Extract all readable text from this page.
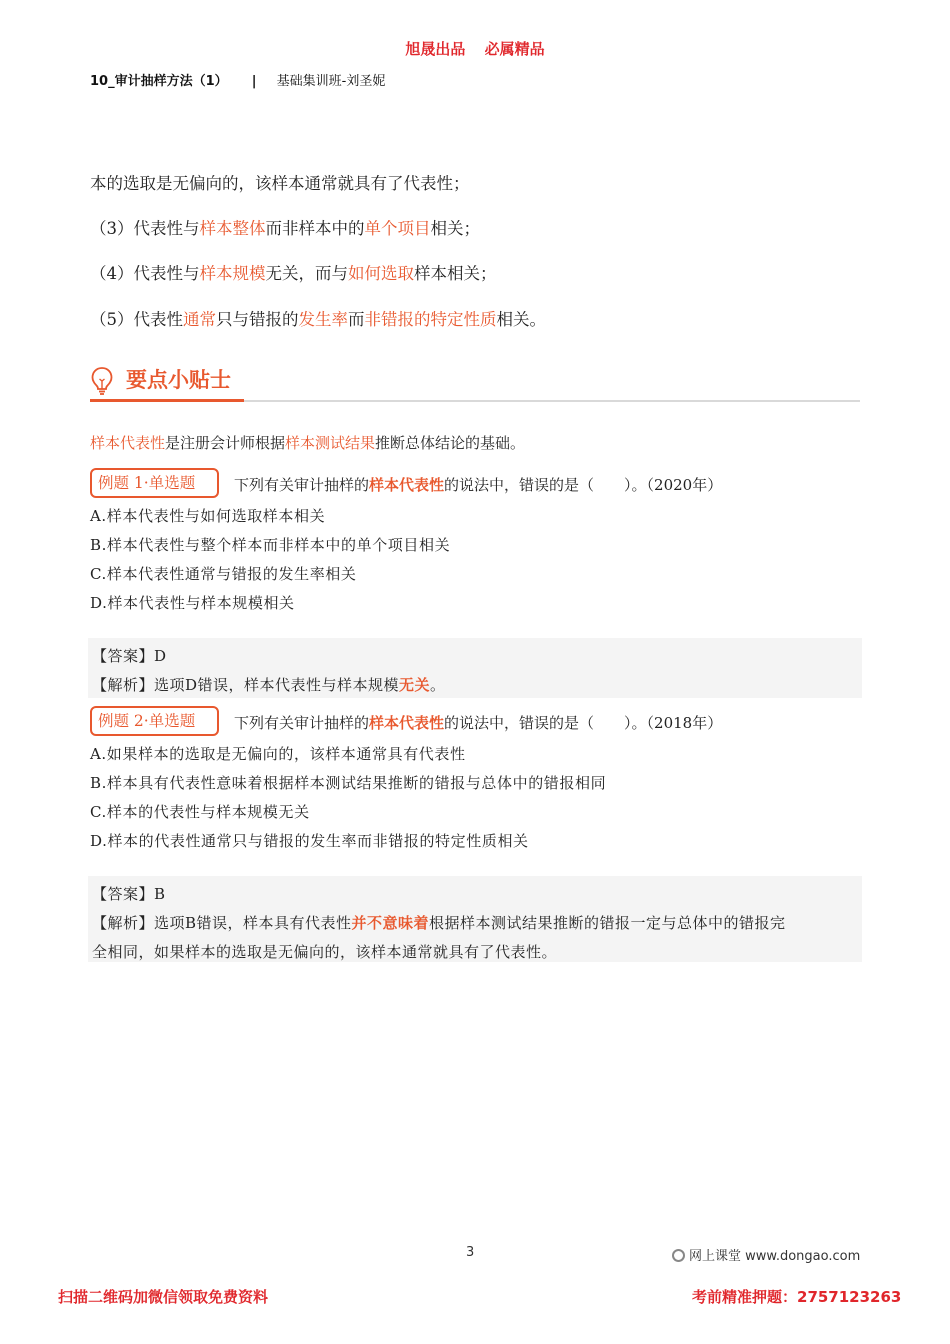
旭晟出品 必属精品
10_审计抽样方法（1） | 基础集训班-刘圣妮
本的选取是无偏向的，该样本通常就具有了代表性；
（3）代表性与样本整体而非样本中的单个项目相关；
（4）代表性与样本规模无关，而与如何选取样本相关；
（5）代表性通常只与错报的发生率而非错报的特定性质相关。
要点小贴士
样本代表性是注册会计师根据样本测试结果推断总体结论的基础。
例题 1·单选题	下列有关审计抽样的样本代表性的说法中，错误的是（　　）。（2020年）
A.样本代表性与如何选取样本相关
B.样本代表性与整个样本而非样本中的单个项目相关
C.样本代表性通常与错报的发生率相关
D.样本代表性与样本规模相关
【答案】D
【解析】选项D错误，样本代表性与样本规模无关。
例题 2·单选题	下列有关审计抽样的样本代表性的说法中，错误的是（　　）。（2018年）
A.如果样本的选取是无偏向的，该样本通常具有代表性
B.样本具有代表性意味着根据样本测试结果推断的错报与总体中的错报相同
C.样本的代表性与样本规模无关
D.样本的代表性通常只与错报的发生率而非错报的特定性质相关
【答案】B
【解析】选项B错误，样本具有代表性并不意味着根据样本测试结果推断的错报一定与总体中的错报完
全相同，如果样本的选取是无偏向的，该样本通常就具有了代表性。
3	网上课堂 www.dongao.com
扫描二维码加微信领取免费资料	考前精准押题：2757123263
